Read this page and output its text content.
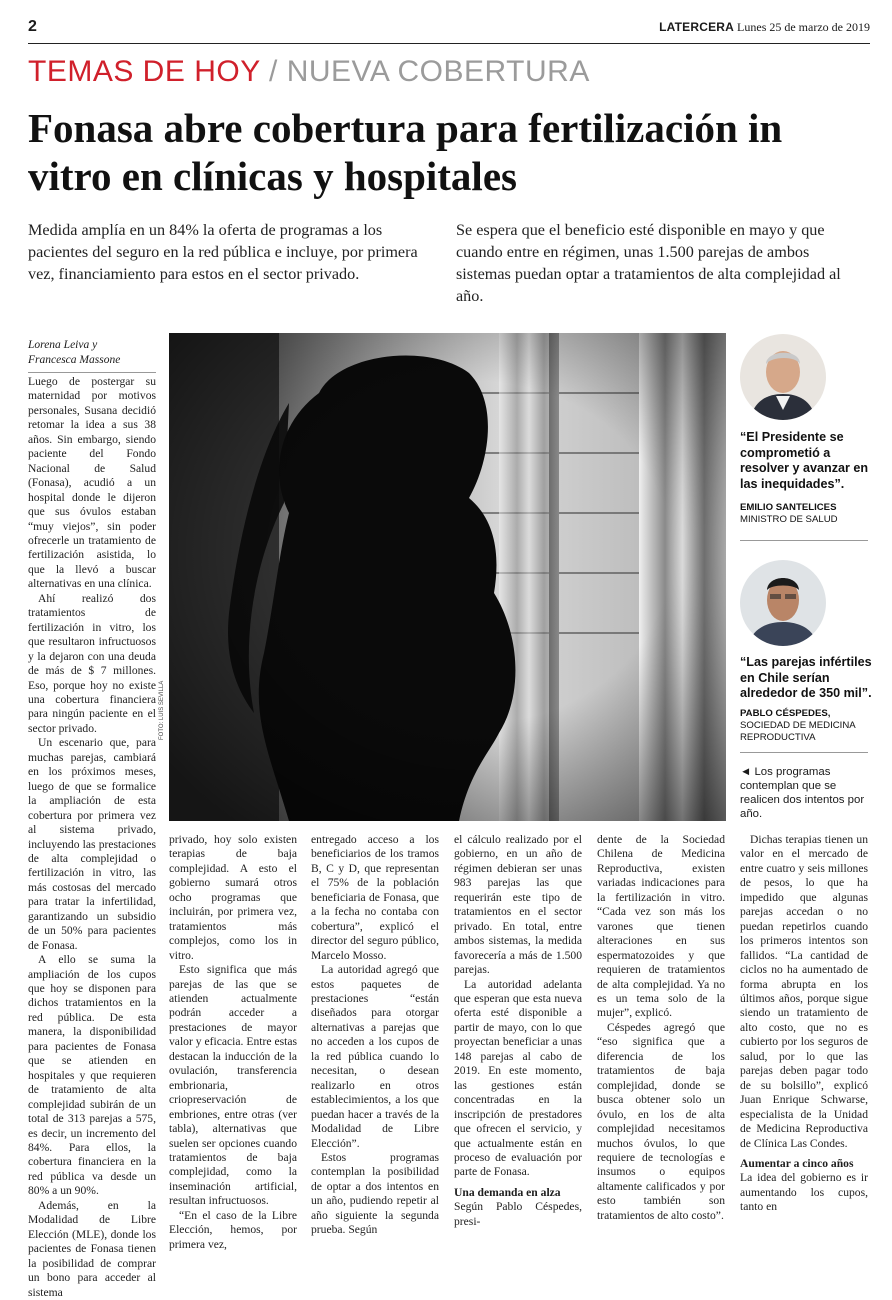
2	LATERCERA Lunes 25 de marzo de 2019
TEMAS DE HOY / NUEVA COBERTURA
Fonasa abre cobertura para fertilización in vitro en clínicas y hospitales
Medida amplía en un 84% la oferta de programas a los pacientes del seguro en la red pública e incluye, por primera vez, financiamiento para estos en el sector privado.
Se espera que el beneficio esté disponible en mayo y que cuando entre en régimen, unas 1.500 parejas de ambos sistemas puedan optar a tratamientos de alta complejidad al año.
Lorena Leiva y
Francesca Massone

Luego de postergar su maternidad por motivos personales, Susana decidió retomar la idea a sus 38 años. Sin embargo, siendo paciente del Fondo Nacional de Salud (Fonasa), acudió a un hospital donde le dijeron que sus óvulos estaban “muy viejos”, sin poder ofrecerle un tratamiento de fertilización asistida, lo que la llevó a buscar alternativas en una clínica.

Ahí realizó dos tratamientos de fertilización in vitro, los que resultaron infructuosos y la dejaron con una deuda de más de $ 7 millones. Eso, porque hoy no existe una cobertura financiera para ningún paciente en el sector privado.

Un escenario que, para muchas parejas, cambiará en los próximos meses, luego de que se formalice la ampliación de esta cobertura por primera vez al sistema privado, incluyendo las prestaciones de alta complejidad o fertilización in vitro, las más costosas del mercado para tratar la infertilidad, garantizando un subsidio de un 50% para pacientes de Fonasa.

A ello se suma la ampliación de los cupos que hoy se disponen para dichos tratamientos en la red pública. De esta manera, la disponibilidad para pacientes de Fonasa que se atienden en hospitales y que requieren de tratamiento de alta complejidad subirán de un total de 313 parejas a 575, es decir, un incremento del 84%. Para ellos, la cobertura financiera en la red pública va desde un 80% a un 90%.

Además, en la Modalidad de Libre Elección (MLE), donde los pacientes de Fonasa tienen la posibilidad de comprar un bono para acceder al sistema

FOTO: LUIS SEVILLA
“El Presidente se comprometió a resolver y avanzar en las inequidades”.
EMILIO SANTELICES
MINISTRO DE SALUD
“Las parejas infértiles en Chile serían alrededor de 350 mil”.
PABLO CÉSPEDES, SOCIEDAD DE MEDICINA REPRODUCTIVA
◄ Los programas contemplan que se realicen dos intentos por año.

privado, hoy solo existen terapias de baja complejidad. A esto el gobierno sumará otros ocho programas que incluirán, por primera vez, tratamientos más complejos, como los in vitro.

Esto significa que más parejas de las que se atienden actualmente podrán acceder a prestaciones de mayor valor y eficacia. Entre estas destacan la inducción de la ovulación, transferencia embrionaria, criopreservación de embriones, entre otras (ver tabla), alternativas que suelen ser opciones cuando tratamientos de baja complejidad, como la inseminación artificial, resultan infructuosos.

“En el caso de la Libre Elección, hemos, por primera vez,

entregado acceso a los beneficiarios de los tramos B, C y D, que representan el 75% de la población beneficiaria de Fonasa, que a la fecha no contaba con cobertura”, explicó el director del seguro público, Marcelo Mosso.

La autoridad agregó que estos paquetes de prestaciones “están diseñados para otorgar alternativas a parejas que no acceden a los cupos de la red pública cuando lo necesitan, o desean realizarlo en otros establecimientos, a los que puedan hacer a través de la Modalidad de Libre Elección”.

Estos programas contemplan la posibilidad de optar a dos intentos en un año, pudiendo repetir al año siguiente la segunda prueba. Según

el cálculo realizado por el gobierno, en un año de régimen debieran ser unas 983 parejas las que requerirán este tipo de tratamientos en el sector privado. En total, entre ambos sistemas, la medida favorecería a más de 1.500 parejas.

La autoridad adelanta que esperan que esta nueva oferta esté disponible a partir de mayo, con lo que proyectan beneficiar a unas 148 parejas al cabo de 2019. En este momento, las gestiones están concentradas en la inscripción de prestadores que ofrecen el servicio, y que actualmente están en proceso de evaluación por parte de Fonasa.

Una demanda en alza

Según Pablo Céspedes, presi-

dente de la Sociedad Chilena de Medicina Reproductiva, existen variadas indicaciones para la fertilización in vitro. “Cada vez son más los varones que tienen alteraciones en sus espermatozoides y que requieren de tratamientos de alta complejidad. Ya no es un tema solo de la mujer”, explicó.

Céspedes agregó que “eso significa que a diferencia de los tratamientos de baja complejidad, donde se busca obtener solo un óvulo, en los de alta complejidad necesitamos muchos óvulos, lo que requiere de tecnologías e insumos o equipos altamente calificados y por esto también son tratamientos de alto costo”.

Dichas terapias tienen un valor en el mercado de entre cuatro y seis millones de pesos, lo que ha impedido que algunas parejas accedan o no puedan repetirlos cuando los primeros intentos son fallidos. “La cantidad de ciclos no ha aumentado de forma abrupta en los últimos años, porque sigue siendo un tratamiento de alto costo, que no es cubierto por los seguros de salud, por lo que las parejas deben pagar todo de su bolsillo”, explicó Juan Enrique Schwarse, especialista de la Unidad de Medicina Reproductiva de Clínica Las Condes.

Aumentar a cinco años

La idea del gobierno es ir aumentando los cupos, tanto en
